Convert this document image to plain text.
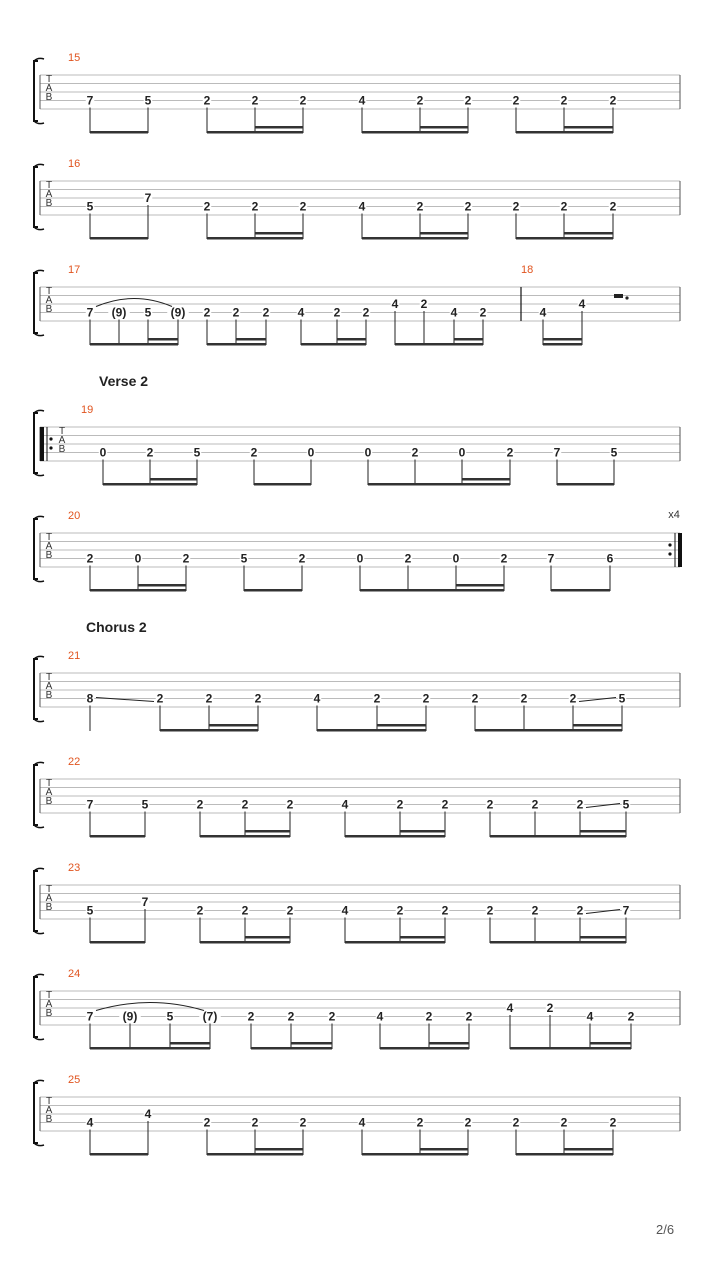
T
A
B
15
7	5	2	2	2	4	2	2	2	2	2
T
A
B
16
5
7
2	2	2	4	2	2	2	2	2
T
A
B
17
7 (9) 5 (9) 2 2 2 4 2 2
4 2
4 2
18
4
4
T
A
B
19
0	2	5	2	0	0	2	0	2	7	5
T
A
B
x4
20
2	0	2	5	2	0	2	0	2	7	6
T
A
B
21
8	2	2	2	4	2	2	2	2	2	5
T
A
B
22
7	5	2	2	2	4	2	2	2	2	2	5
T
A
B
23
5
7
2	2	2	4	2	2	2	2	2	7
T
A
B
24
7 (9) 5 (7)	2	2	2	4	2	2
4	2
4	2
T
A
B
25
4
4
2	2	2	4	2	2	2	2	2
Verse 2
Chorus 2
2/6
